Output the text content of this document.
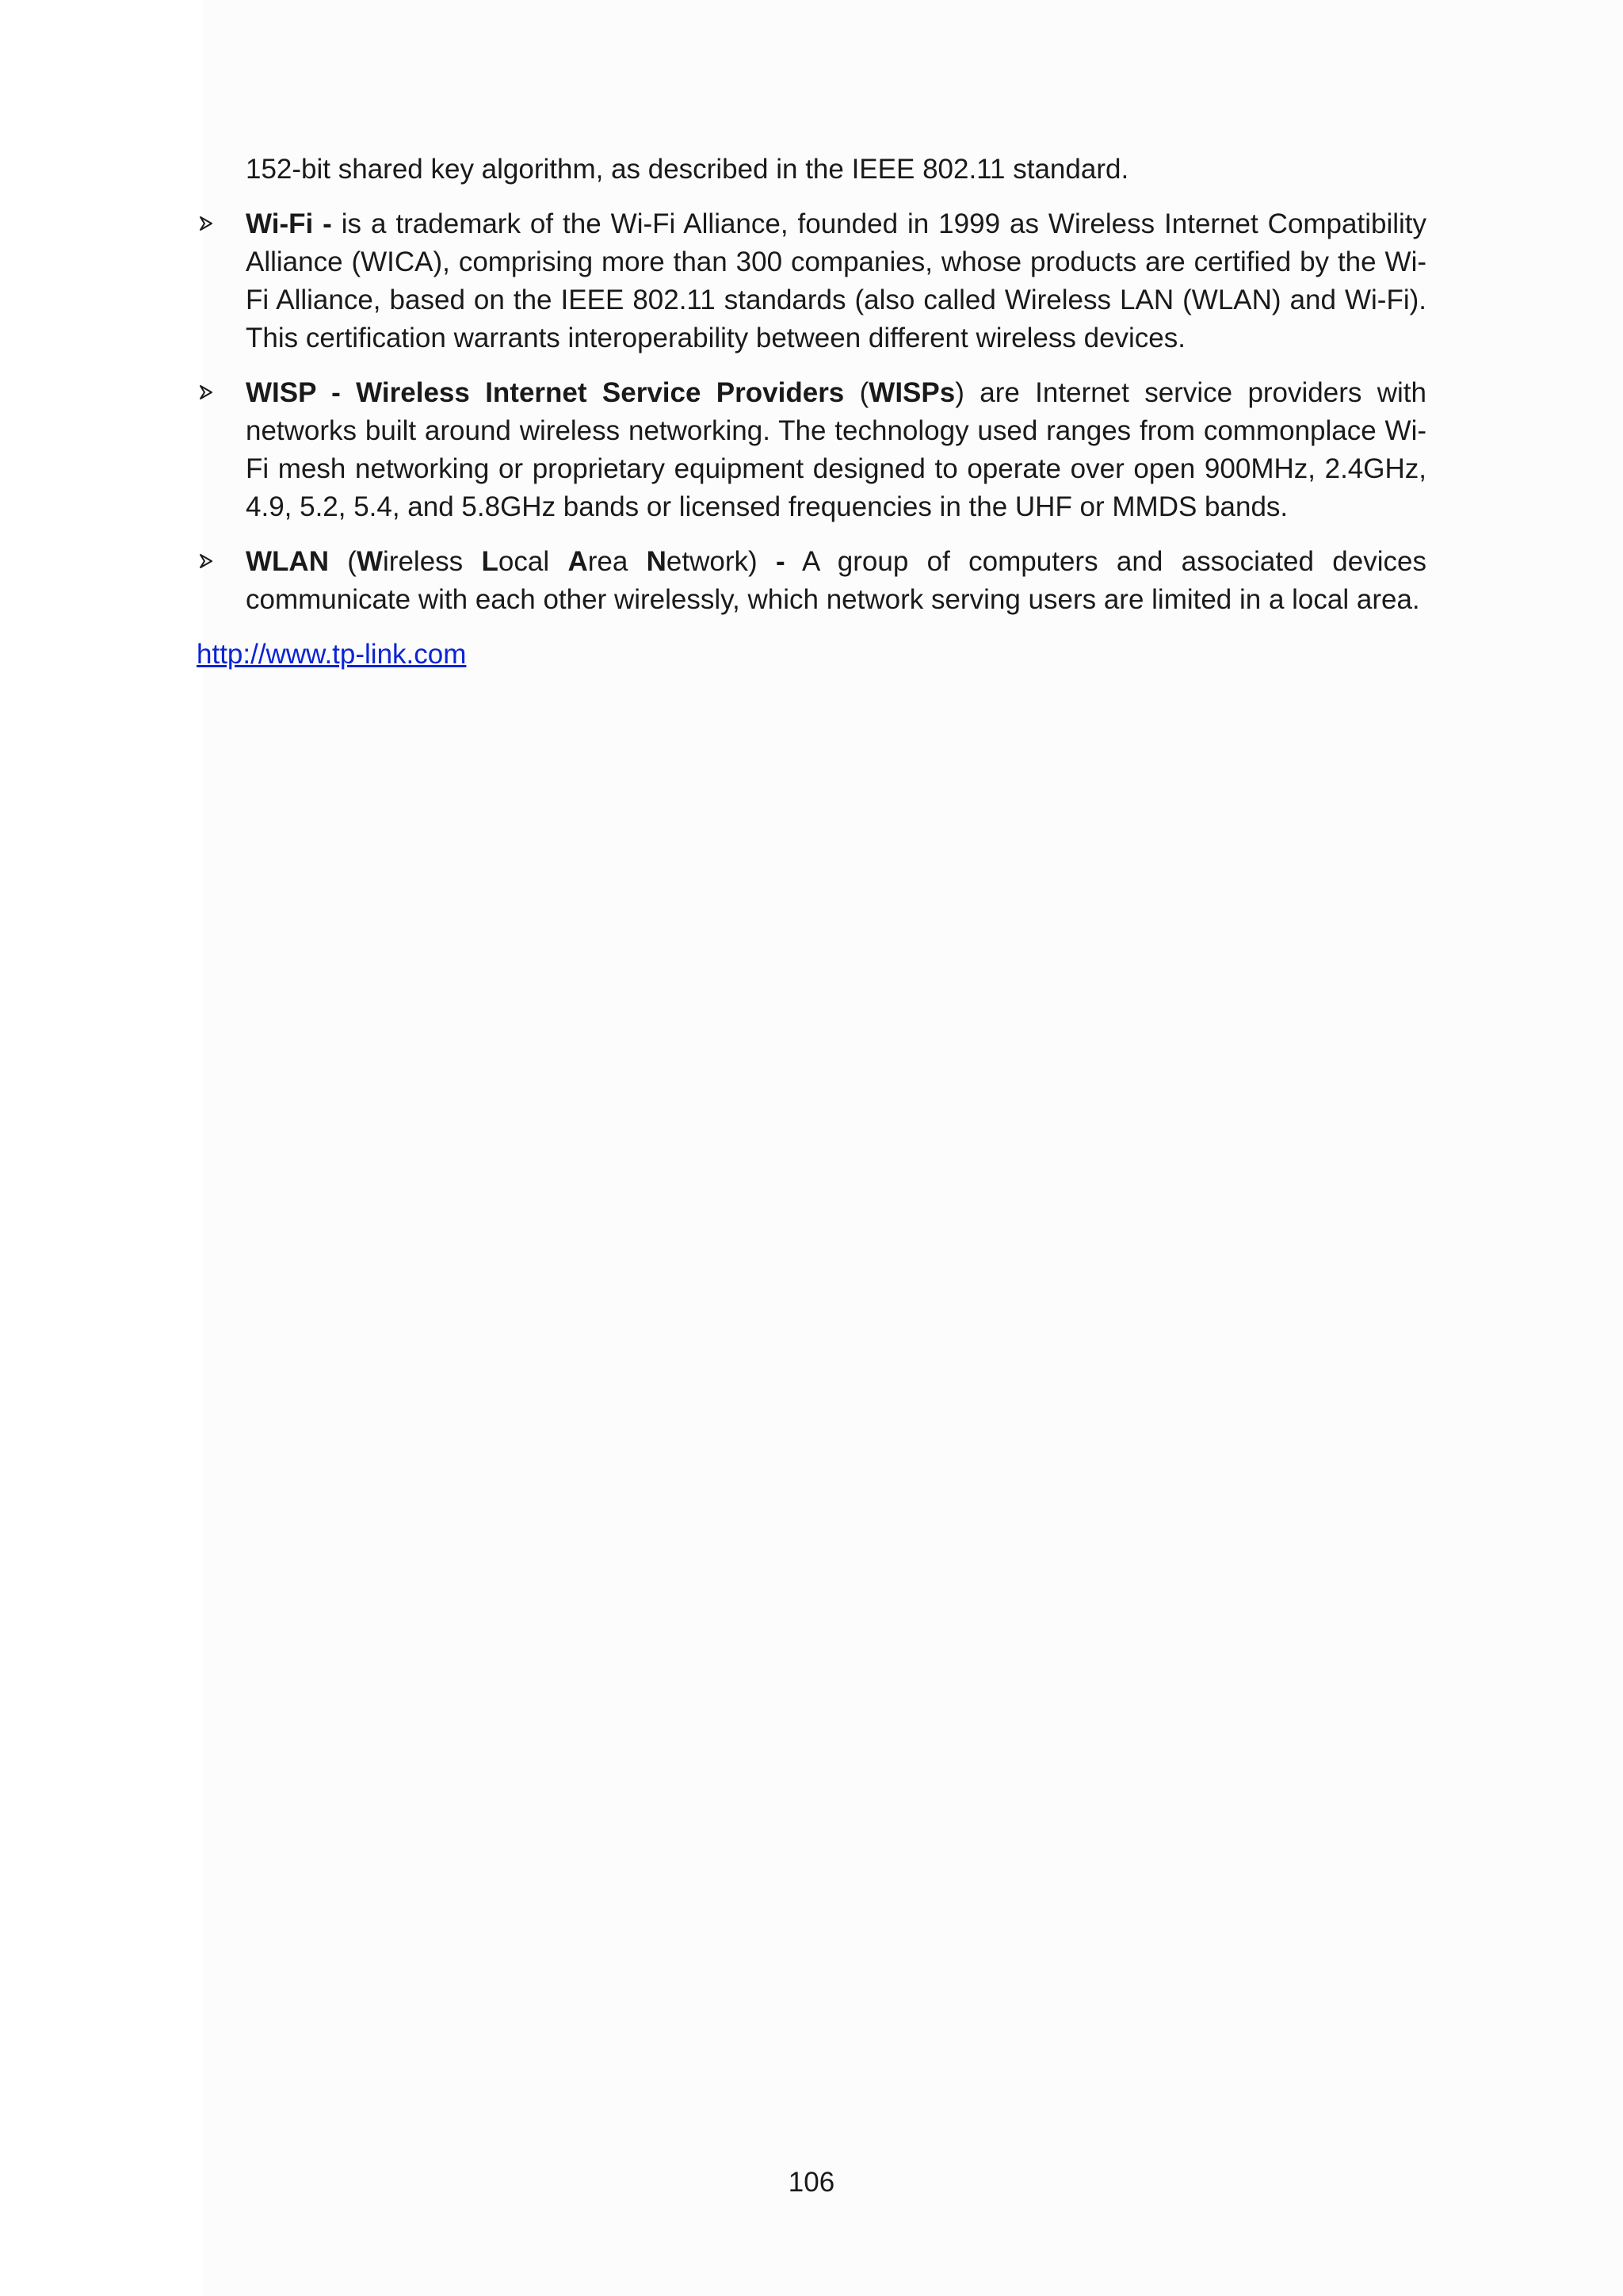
152-bit shared key algorithm, as described in the IEEE 802.11 standard.

Wi-Fi - is a trademark of the Wi-Fi Alliance, founded in 1999 as Wireless Internet Compatibility Alliance (WICA), comprising more than 300 companies, whose products are certified by the Wi-Fi Alliance, based on the IEEE 802.11 standards (also called Wireless LAN (WLAN) and Wi-Fi). This certification warrants interoperability between different wireless devices.
WISP - Wireless Internet Service Providers (WISPs) are Internet service providers with networks built around wireless networking. The technology used ranges from commonplace Wi-Fi mesh networking or proprietary equipment designed to operate over open 900MHz, 2.4GHz, 4.9, 5.2, 5.4, and 5.8GHz bands or licensed frequencies in the UHF or MMDS bands.
WLAN (Wireless Local Area Network) - A group of computers and associated devices communicate with each other wirelessly, which network serving users are limited in a local area.
http://www.tp-link.com
106
